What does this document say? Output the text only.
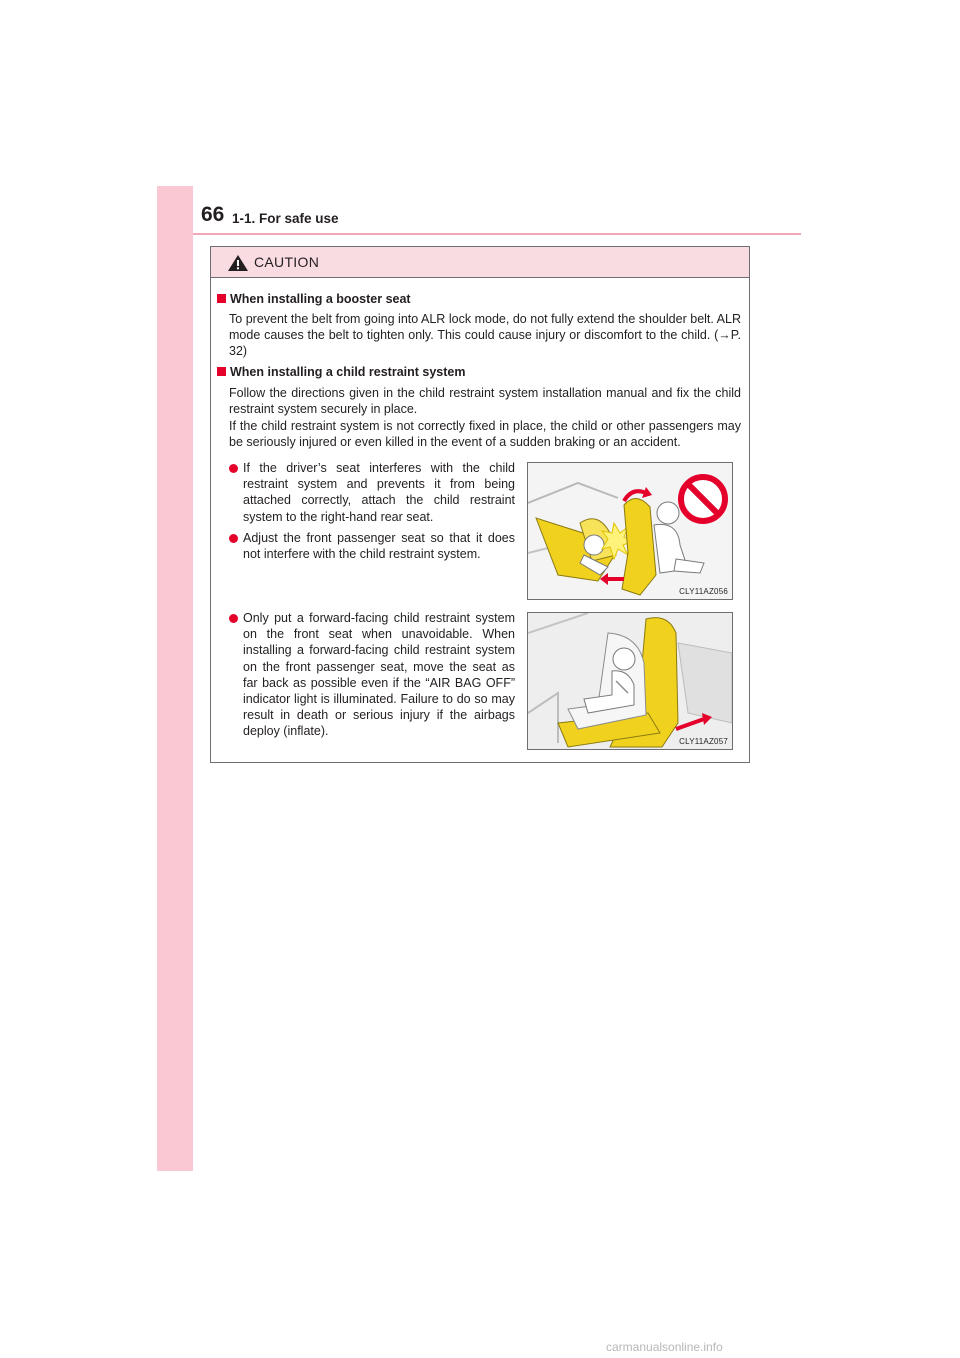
66 1-1. For safe use
CAUTION
When installing a booster seat
To prevent the belt from going into ALR lock mode, do not fully extend the shoulder belt. ALR mode causes the belt to tighten only. This could cause injury or discomfort to the child. (→P. 32)
When installing a child restraint system
Follow the directions given in the child restraint system installation manual and fix the child restraint system securely in place.
If the child restraint system is not correctly fixed in place, the child or other passengers may be seriously injured or even killed in the event of a sudden braking or an accident.
If the driver’s seat interferes with the child restraint system and prevents it from being attached correctly, attach the child restraint system to the right-hand rear seat.
Adjust the front passenger seat so that it does not interfere with the child restraint system.
CLY11AZ056
Only put a forward-facing child restraint system on the front seat when unavoidable. When installing a forward-facing child restraint system on the front passenger seat, move the seat as far back as possible even if the “AIR BAG OFF” indicator light is illuminated. Failure to do so may result in death or serious injury if the airbags deploy (inflate).
CLY11AZ057
carmanualsonline.info
